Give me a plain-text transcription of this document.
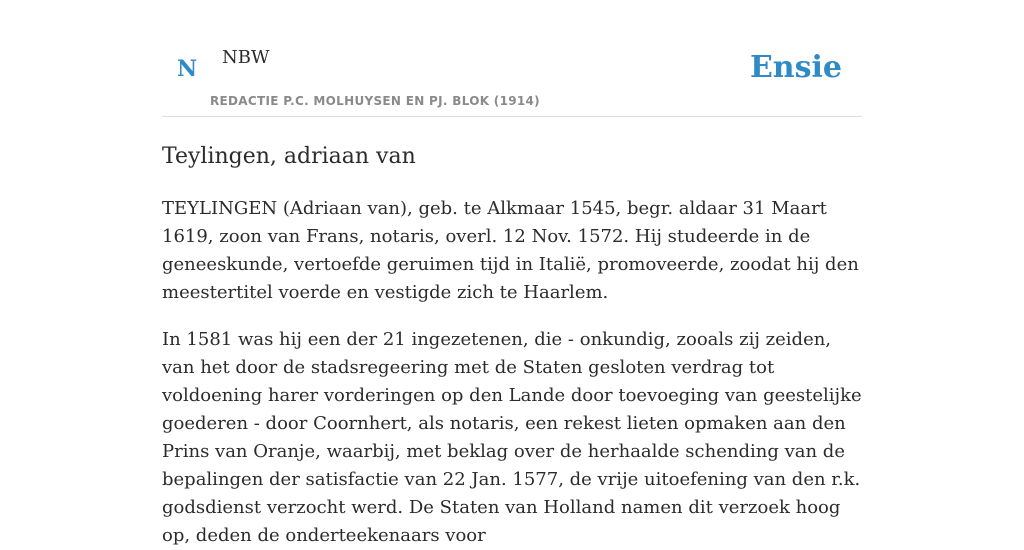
N NBW	Ensie
REDACTIE P.C. MOLHUYSEN EN PJ. BLOK (1914)
Teylingen, adriaan van

TEYLINGEN (Adriaan van), geb. te Alkmaar 1545, begr. aldaar 31 Maart 1619, zoon van Frans, notaris, overl. 12 Nov. 1572. Hij studeerde in de geneeskunde, vertoefde geruimen tijd in Italië, promoveerde, zoodat hij den meestertitel voerde en vestigde zich te Haarlem.

In 1581 was hij een der 21 ingezetenen, die - onkundig, zooals zij zeiden, van het door de stadsregeering met de Staten gesloten verdrag tot voldoening harer vorderingen op den Lande door toevoeging van geestelijke goederen - door Coornhert, als notaris, een rekest lieten opmaken aan den Prins van Oranje, waarbij, met beklag over de herhaalde schending van de bepalingen der satisfactie van 22 Jan. 1577, de vrije uitoefening van den r.k. godsdienst verzocht werd. De Staten van Holland namen dit verzoek hoog op, deden de onderteekenaars voor
